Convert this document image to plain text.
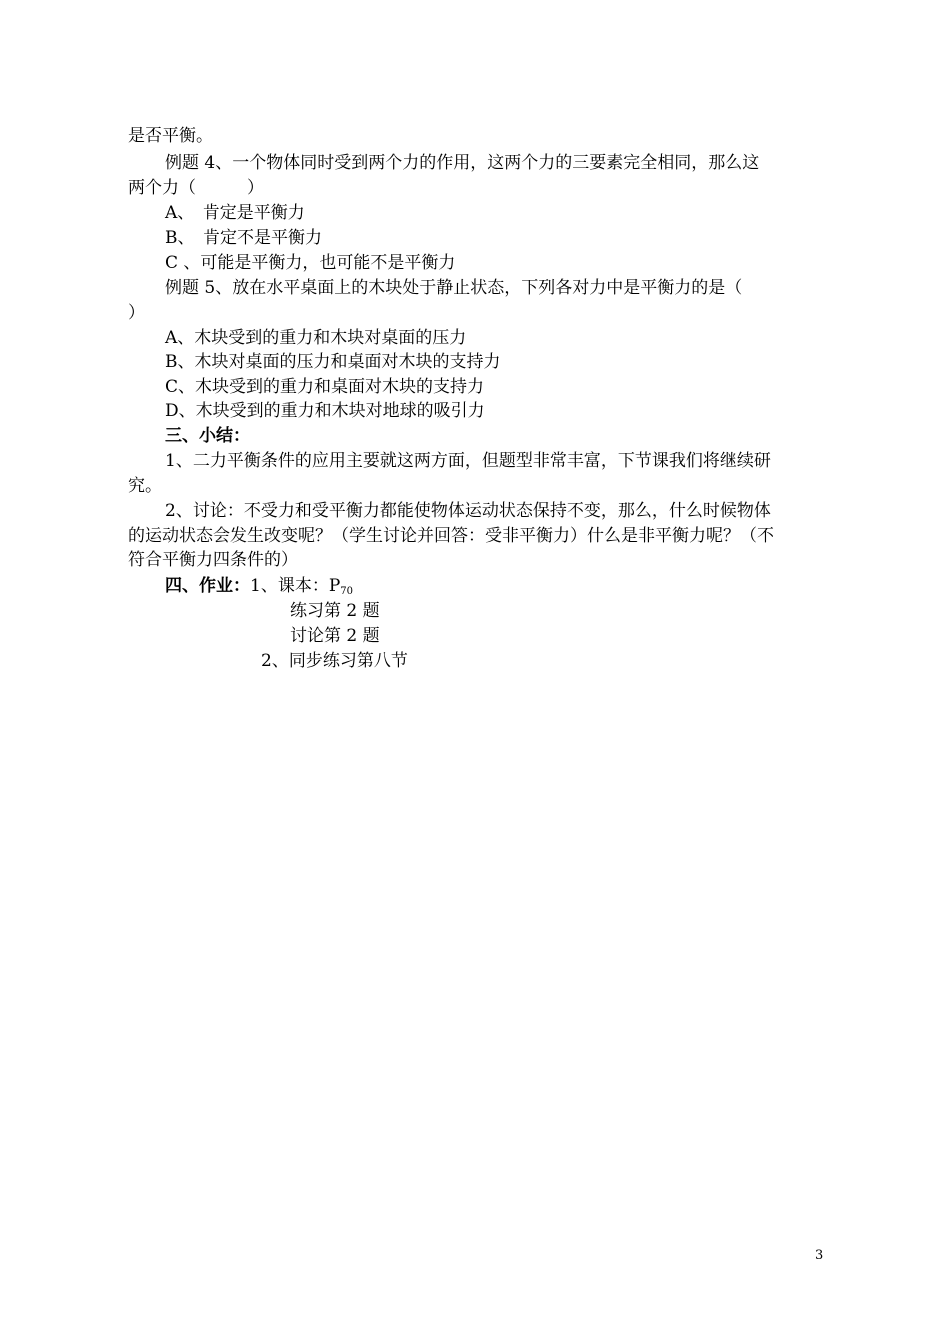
是否平衡。
例题 4、一个物体同时受到两个力的作用，这两个力的三要素完全相同，那么这
两个力（　　　）
A、　肯定是平衡力
B、　肯定不是平衡力
C 、可能是平衡力，也可能不是平衡力
例题 5、放在水平桌面上的木块处于静止状态，下列各对力中是平衡力的是（
）
A、木块受到的重力和木块对桌面的压力
B、木块对桌面的压力和桌面对木块的支持力
C、木块受到的重力和桌面对木块的支持力
D、木块受到的重力和木块对地球的吸引力
三、小结：
1、二力平衡条件的应用主要就这两方面，但题型非常丰富，下节课我们将继续研
究。
2、讨论：不受力和受平衡力都能使物体运动状态保持不变，那么，什么时候物体
的运动状态会发生改变呢？（学生讨论并回答：受非平衡力）什么是非平衡力呢？（不
符合平衡力四条件的）
四、作业：1、课本：$P_{70}$
练习第 2 题
讨论第 2 题
2、同步练习第八节
3
